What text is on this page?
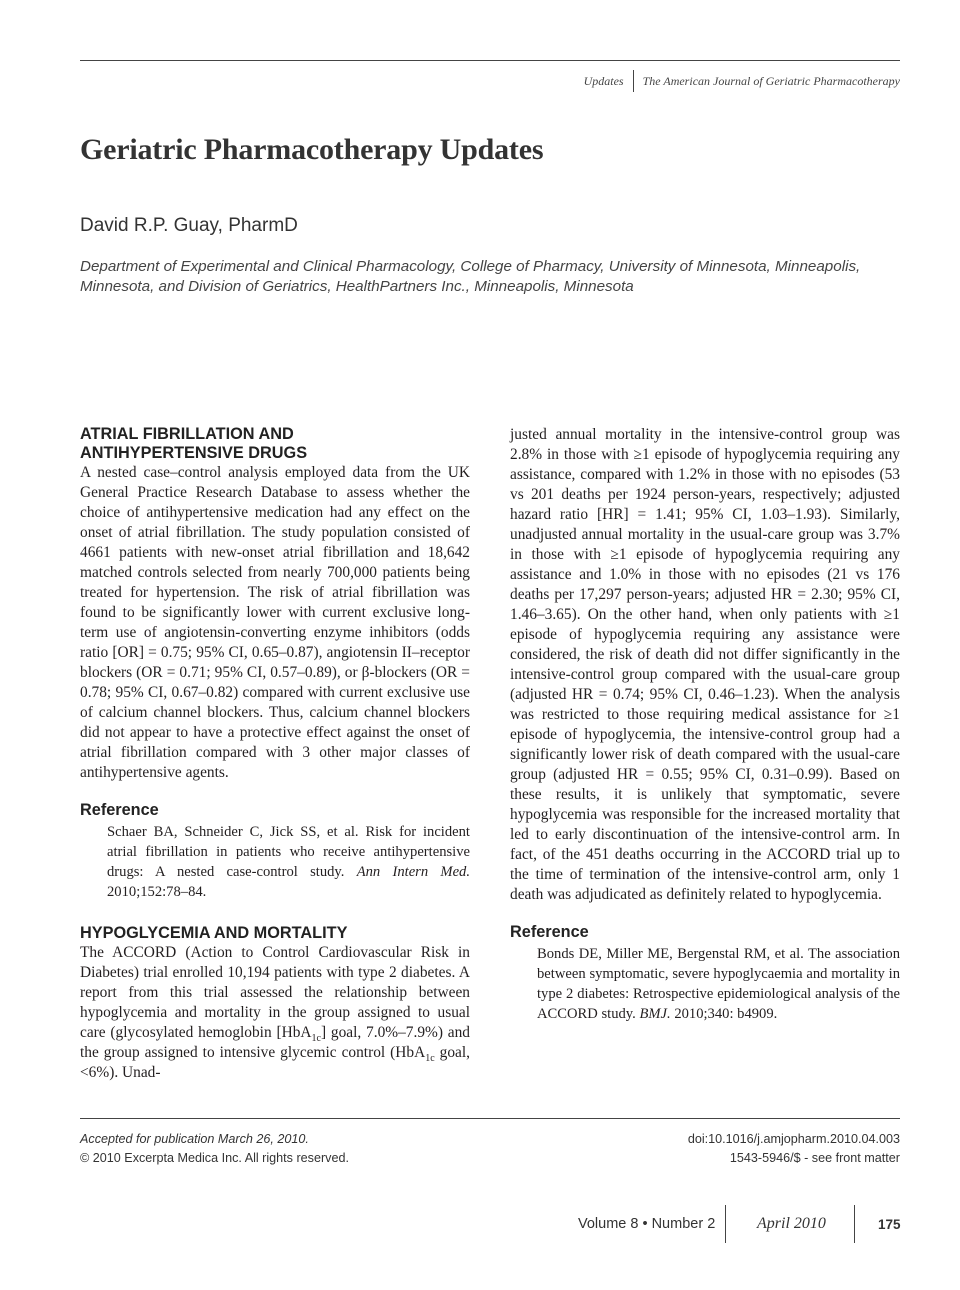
Updates The American Journal of Geriatric Pharmacotherapy
Geriatric Pharmacotherapy Updates
David R.P. Guay, PharmD
Department of Experimental and Clinical Pharmacology, College of Pharmacy, University of Minnesota, Minneapolis, Minnesota, and Division of Geriatrics, HealthPartners Inc., Minneapolis, Minnesota
ATRIAL FIBRILLATION AND
ANTIHYPERTENSIVE DRUGS

A nested case–control analysis employed data from the UK General Practice Research Database to assess whether the choice of antihypertensive medication had any effect on the onset of atrial fibrillation. The study population consisted of 4661 patients with new-onset atrial fibrillation and 18,642 matched controls selected from nearly 700,000 patients being treated for hypertension. The risk of atrial fibrillation was found to be significantly lower with current exclusive long-term use of angiotensin-converting enzyme inhibitors (odds ratio [OR] = 0.75; 95% CI, 0.65–0.87), angiotensin II–receptor blockers (OR = 0.71; 95% CI, 0.57–0.89), or β-blockers (OR = 0.78; 95% CI, 0.67–0.82) compared with current exclusive use of calcium channel blockers. Thus, calcium channel blockers did not appear to have a protective effect against the onset of atrial fibrillation compared with 3 other major classes of antihypertensive agents.

Reference

Schaer BA, Schneider C, Jick SS, et al. Risk for incident atrial fibrillation in patients who receive antihypertensive drugs: A nested case-control study. Ann Intern Med. 2010;152:78–84.

HYPOGLYCEMIA AND MORTALITY

The ACCORD (Action to Control Cardiovascular Risk in Diabetes) trial enrolled 10,194 patients with type 2 diabetes. A report from this trial assessed the relationship between hypoglycemia and mortality in the group assigned to usual care (glycosylated hemoglobin [HbA$_{1c}$] goal, 7.0%–7.9%) and the group assigned to intensive glycemic control (HbA$_{1c}$ goal, <6%). Unad-

justed annual mortality in the intensive-control group was 2.8% in those with ≥1 episode of hypoglycemia requiring any assistance, compared with 1.2% in those with no episodes (53 vs 201 deaths per 1924 person-years, respectively; adjusted hazard ratio [HR] = 1.41; 95% CI, 1.03–1.93). Similarly, unadjusted annual mortality in the usual-care group was 3.7% in those with ≥1 episode of hypoglycemia requiring any assistance and 1.0% in those with no episodes (21 vs 176 deaths per 17,297 person-years; adjusted HR = 2.30; 95% CI, 1.46–3.65). On the other hand, when only patients with ≥1 episode of hypoglycemia requiring any assistance were considered, the risk of death did not differ significantly in the intensive-control group compared with the usual-care group (adjusted HR = 0.74; 95% CI, 0.46–1.23). When the analysis was restricted to those requiring medical assistance for ≥1 episode of hypoglycemia, the intensive-control group had a significantly lower risk of death compared with the usual-care group (adjusted HR = 0.55; 95% CI, 0.31–0.99). Based on these results, it is unlikely that symptomatic, severe hypoglycemia was responsible for the increased mortality that led to early discontinuation of the intensive-control arm. In fact, of the 451 deaths occurring in the ACCORD trial up to the time of termination of the intensive-control arm, only 1 death was adjudicated as definitely related to hypoglycemia.

Reference

Bonds DE, Miller ME, Bergenstal RM, et al. The association between symptomatic, severe hypoglycaemia and mortality in type 2 diabetes: Retrospective epidemiological analysis of the ACCORD study. BMJ. 2010;340: b4909.

Accepted for publication March 26, 2010.
© 2010 Excerpta Medica Inc. All rights reserved.
doi:10.1016/j.amjopharm.2010.04.003
1543-5946/$ - see front matter
Volume 8 • Number 2	April 2010	175
